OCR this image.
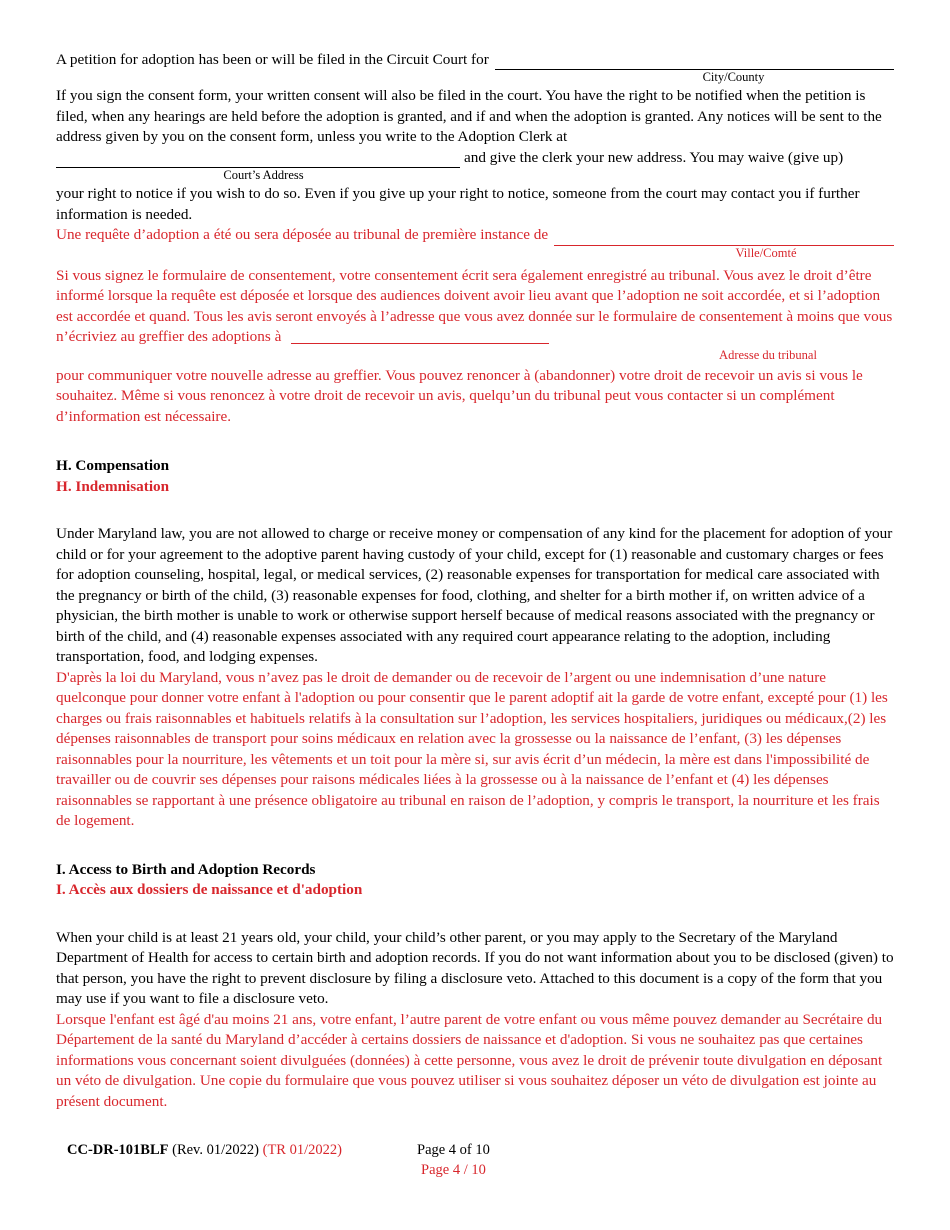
A petition for adoption has been or will be filed in the Circuit Court for
City/County

If you sign the consent form, your written consent will also be filed in the court. You have the right to be notified when the petition is filed, when any hearings are held before the adoption is granted, and if and when the adoption is granted. Any notices will be sent to the address given by you on the consent form, unless you write to the Adoption Clerk at

and give the clerk your new address. You may waive (give up)
Court’s Address

your right to notice if you wish to do so. Even if you give up your right to notice, someone from the court may contact you if further information is needed.

Une requête d’adoption a été ou sera déposée au tribunal de première instance de
Ville/Comté
Si vous signez le formulaire de consentement, votre consentement écrit sera également enregistré au tribunal. Vous avez le droit d’être informé lorsque la requête est déposée et lorsque des audiences doivent avoir lieu avant que l’adoption ne soit accordée, et si l’adoption est accordée et quand. Tous les avis seront envoyés à l’adresse que vous avez donnée sur le formulaire de consentement à moins que vous n’écriviez au greffier des adoptions à
Adresse du tribunal

pour communiquer votre nouvelle adresse au greffier. Vous pouvez renoncer à (abandonner) votre droit de recevoir un avis si vous le souhaitez. Même si vous renoncez à votre droit de recevoir un avis, quelqu’un du tribunal peut vous contacter si un complément d’information est nécessaire.

H. Compensation
H. Indemnisation

Under Maryland law, you are not allowed to charge or receive money or compensation of any kind for the placement for adoption of your child or for your agreement to the adoptive parent having custody of your child, except for (1) reasonable and customary charges or fees for adoption counseling, hospital, legal, or medical services, (2) reasonable expenses for transportation for medical care associated with the pregnancy or birth of the child, (3) reasonable expenses for food, clothing, and shelter for a birth mother if, on written advice of a physician, the birth mother is unable to work or otherwise support herself because of medical reasons associated with the pregnancy or birth of the child, and (4) reasonable expenses associated with any required court appearance relating to the adoption, including transportation, food, and lodging expenses.

D'après la loi du Maryland, vous n’avez pas le droit de demander ou de recevoir de l’argent ou une indemnisation d’une nature quelconque pour donner votre enfant à l'adoption ou pour consentir que le parent adoptif ait la garde de votre enfant, excepté pour (1) les charges ou frais raisonnables et habituels relatifs à la consultation sur l’adoption, les services hospitaliers, juridiques ou médicaux,(2) les dépenses raisonnables de transport pour soins médicaux en relation avec la grossesse ou la naissance de l’enfant, (3) les dépenses raisonnables pour la nourriture, les vêtements et un toit pour la mère si, sur avis écrit d’un médecin, la mère est dans l'impossibilité de travailler ou de couvrir ses dépenses pour raisons médicales liées à la grossesse ou à la naissance de l’enfant et (4) les dépenses raisonnables se rapportant à une présence obligatoire au tribunal en raison de l’adoption, y compris le transport, la nourriture et les frais de logement.

I. Access to Birth and Adoption Records
I. Accès aux dossiers de naissance et d'adoption

When your child is at least 21 years old, your child, your child’s other parent, or you may apply to the Secretary of the Maryland Department of Health for access to certain birth and adoption records. If you do not want information about you to be disclosed (given) to that person, you have the right to prevent disclosure by filing a disclosure veto. Attached to this document is a copy of the form that you may use if you want to file a disclosure veto.

Lorsque l'enfant est âgé d'au moins 21 ans, votre enfant, l’autre parent de votre enfant ou vous même pouvez demander au Secrétaire du Département de la santé du Maryland d’accéder à certains dossiers de naissance et d'adoption. Si vous ne souhaitez pas que certaines informations vous concernant soient divulguées (données) à cette personne, vous avez le droit de prévenir toute divulgation en déposant un véto de divulgation. Une copie du formulaire que vous pouvez utiliser si vous souhaitez déposer un véto de divulgation est jointe au présent document.

CC-DR-101BLF (Rev. 01/2022) (TR 01/2022)	Page 4 of 10
Page 4 / 10
